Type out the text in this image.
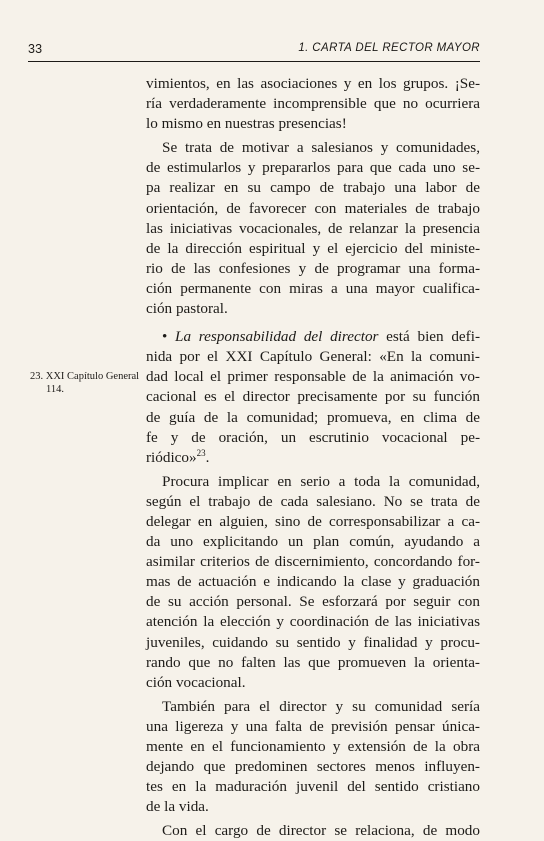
33	1. CARTA DEL RECTOR MAYOR
vimientos, en las asociaciones y en los grupos. ¡Se-
ría verdaderamente incomprensible que no ocurriera
lo mismo en nuestras presencias!
Se trata de motivar a salesianos y comunidades,
de estimularlos y prepararlos para que cada uno se-
pa realizar en su campo de trabajo una labor de
orientación, de favorecer con materiales de trabajo
las iniciativas vocacionales, de relanzar la presencia
de la dirección espiritual y el ejercicio del ministe-
rio de las confesiones y de programar una forma-
ción permanente con miras a una mayor cualifica-
ción pastoral.
• La responsabilidad del director está bien defi-
nida por el XXI Capítulo General: «En la comuni-
dad local el primer responsable de la animación vo-
cacional es el director precisamente por su función
de guía de la comunidad; promueva, en clima de
fe y de oración, un escrutinio vocacional pe-
riódico»$^{23}$.
Procura implicar en serio a toda la comunidad,
según el trabajo de cada salesiano. No se trata de
delegar en alguien, sino de corresponsabilizar a ca-
da uno explicitando un plan común, ayudando a
asimilar criterios de discernimiento, concordando for-
mas de actuación e indicando la clase y graduación
de su acción personal. Se esforzará por seguir con
atención la elección y coordinación de las iniciativas
juveniles, cuidando su sentido y finalidad y procu-
rando que no falten las que promueven la orienta-
ción vocacional.
También para el director y su comunidad sería
una ligereza y una falta de previsión pensar única-
mente en el funcionamiento y extensión de la obra
dejando que predominen sectores menos influyen-
tes en la maduración juvenil del sentido cristiano
de la vida.
Con el cargo de director se relaciona, de modo
23. XXI Capítulo General
114.
